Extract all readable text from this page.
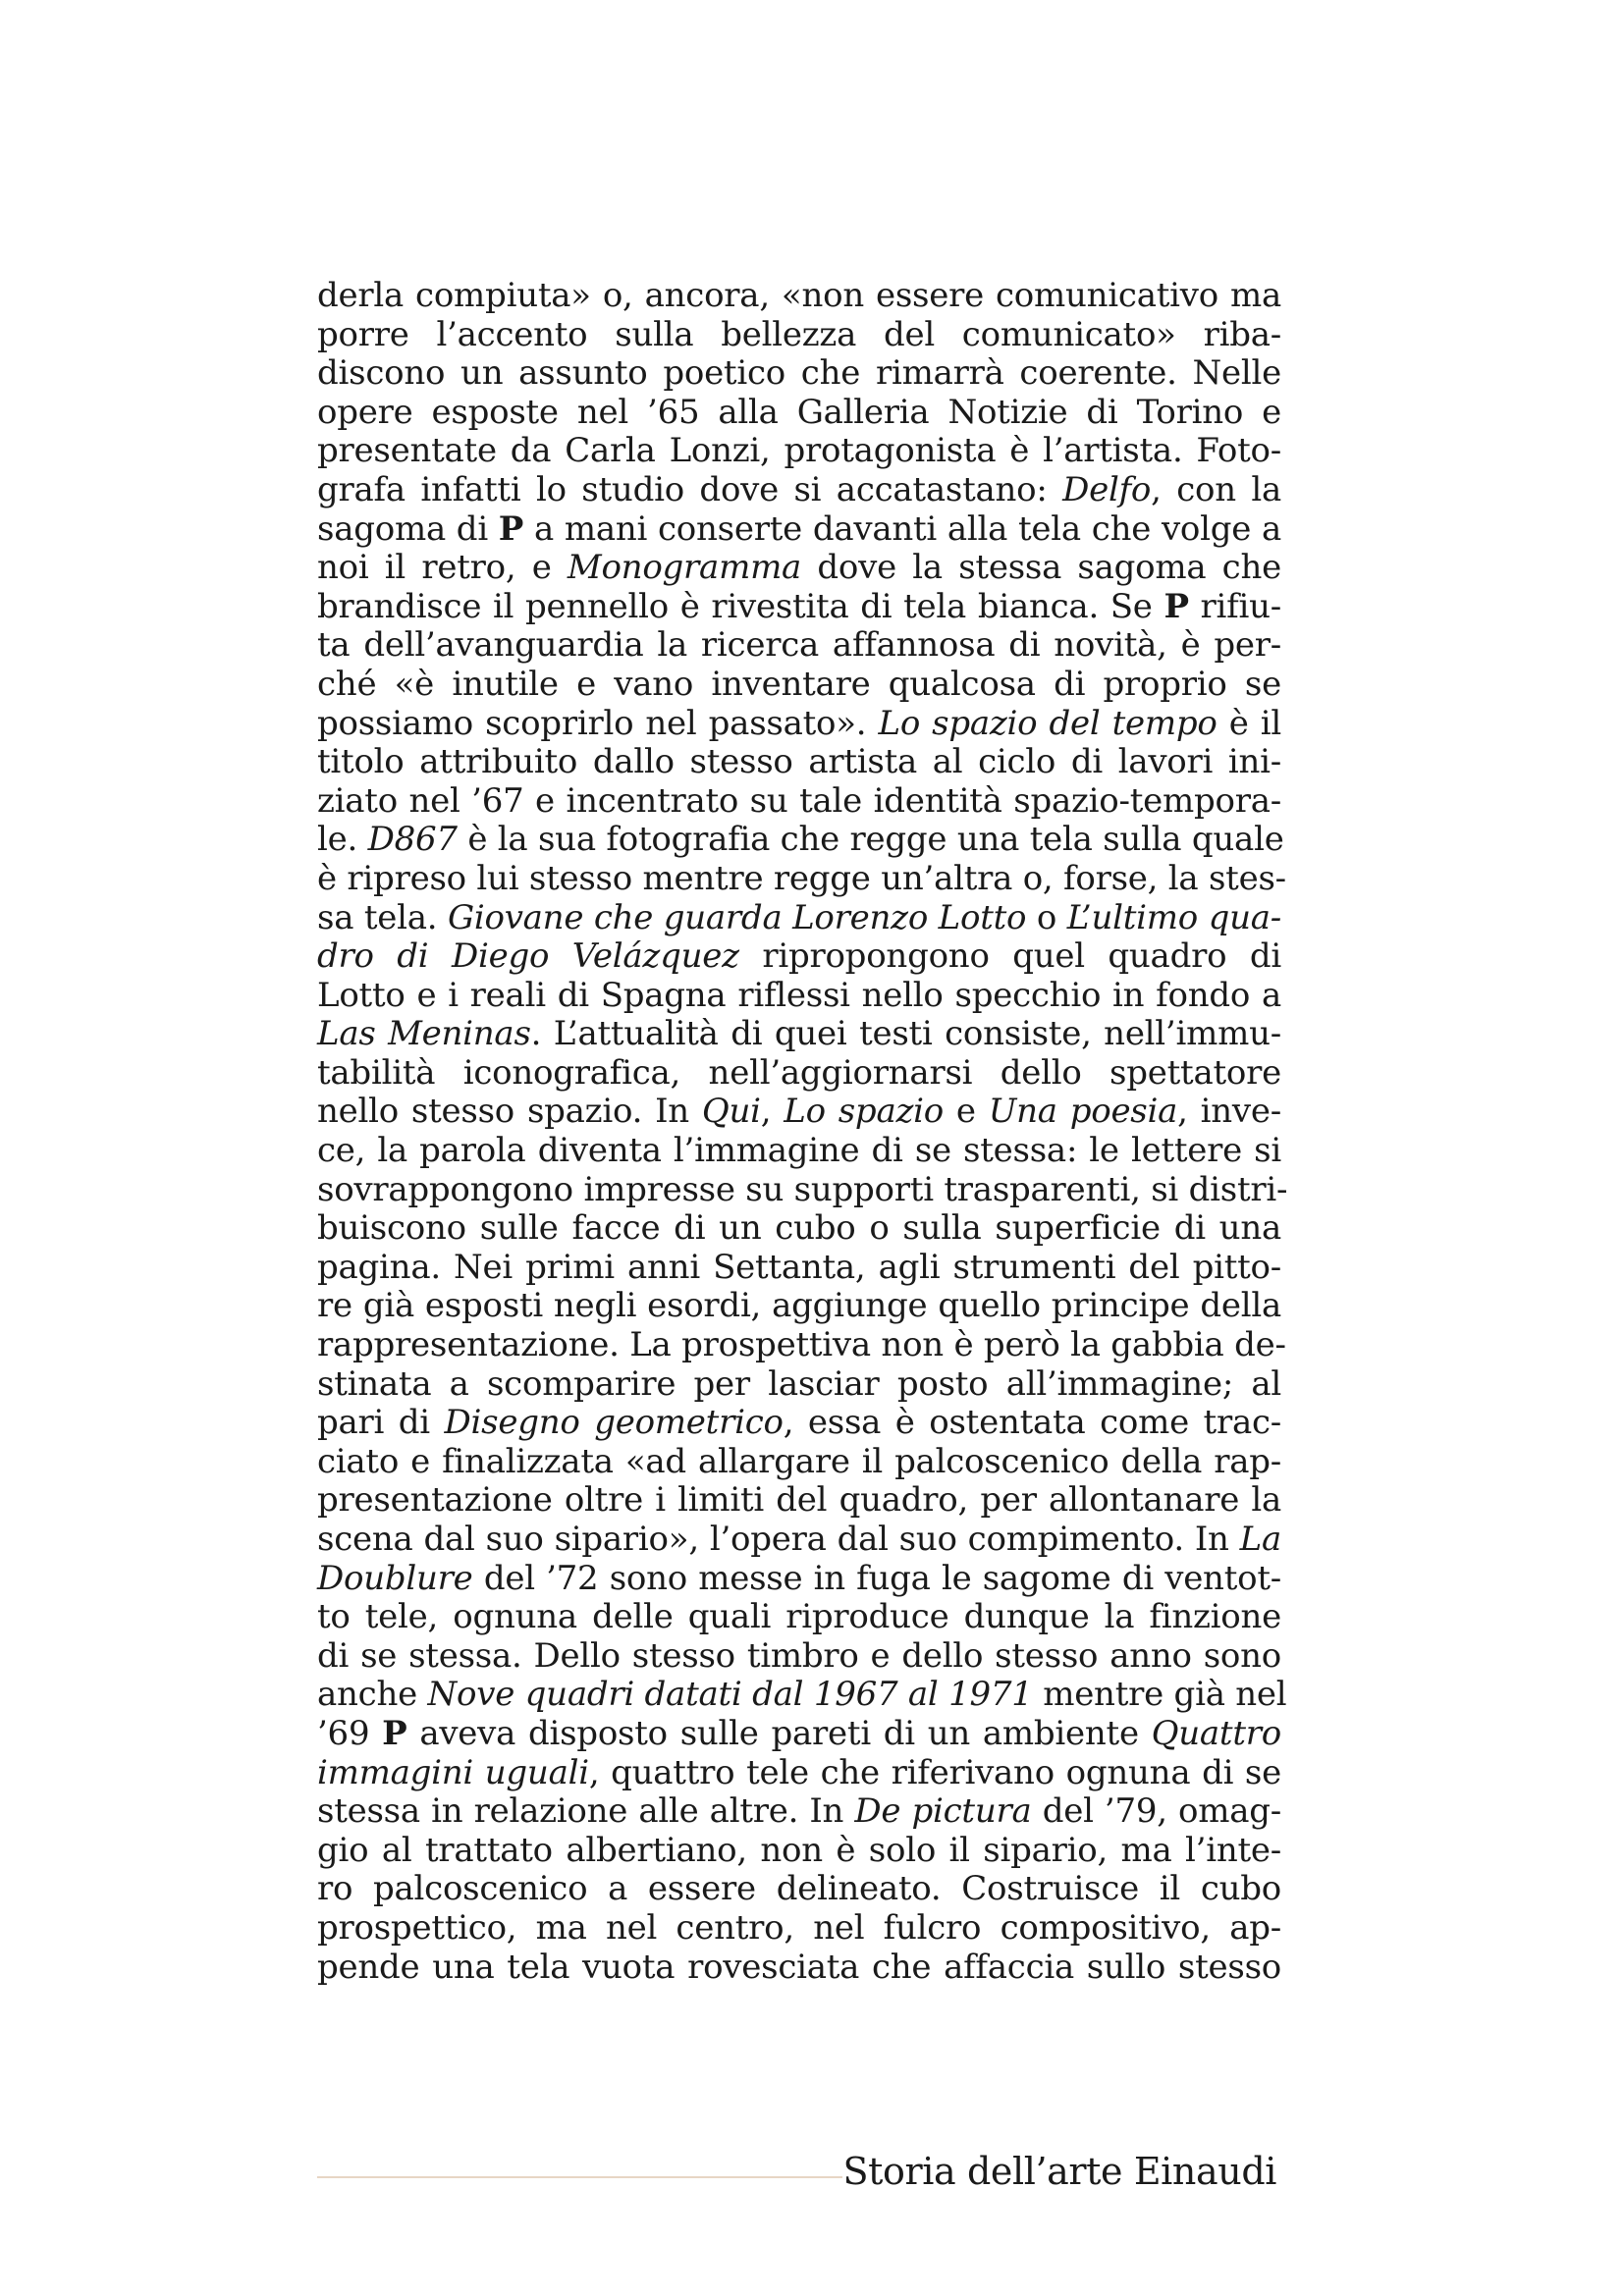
derla compiuta» o, ancora, «non essere comunicativo ma
porre l’accento sulla bellezza del comunicato» riba-
discono un assunto poetico che rimarrà coerente. Nelle
opere esposte nel ’65 alla Galleria Notizie di Torino e
presentate da Carla Lonzi, protagonista è l’artista. Foto-
grafa infatti lo studio dove si accatastano: Delfo, con la
sagoma di P a mani conserte davanti alla tela che volge a
noi il retro, e Monogramma dove la stessa sagoma che
brandisce il pennello è rivestita di tela bianca. Se P rifiu-
ta dell’avanguardia la ricerca affannosa di novità, è per-
ché «è inutile e vano inventare qualcosa di proprio se
possiamo scoprirlo nel passato». Lo spazio del tempo è il
titolo attribuito dallo stesso artista al ciclo di lavori ini-
ziato nel ’67 e incentrato su tale identità spazio-tempora-
le. D867 è la sua fotografia che regge una tela sulla quale
è ripreso lui stesso mentre regge un’altra o, forse, la stes-
sa tela. Giovane che guarda Lorenzo Lotto o L’ultimo qua-
dro di Diego Velázquez ripropongono quel quadro di
Lotto e i reali di Spagna riflessi nello specchio in fondo a
Las Meninas. L’attualità di quei testi consiste, nell’immu-
tabilità iconografica, nell’aggiornarsi dello spettatore
nello stesso spazio. In Qui, Lo spazio e Una poesia, inve-
ce, la parola diventa l’immagine di se stessa: le lettere si
sovrappongono impresse su supporti trasparenti, si distri-
buiscono sulle facce di un cubo o sulla superficie di una
pagina. Nei primi anni Settanta, agli strumenti del pitto-
re già esposti negli esordi, aggiunge quello principe della
rappresentazione. La prospettiva non è però la gabbia de-
stinata a scomparire per lasciar posto all’immagine; al
pari di Disegno geometrico, essa è ostentata come trac-
ciato e finalizzata «ad allargare il palcoscenico della rap-
presentazione oltre i limiti del quadro, per allontanare la
scena dal suo sipario», l’opera dal suo compimento. In La
Doublure del ’72 sono messe in fuga le sagome di ventot-
to tele, ognuna delle quali riproduce dunque la finzione
di se stessa. Dello stesso timbro e dello stesso anno sono
anche Nove quadri datati dal 1967 al 1971 mentre già nel
’69 P aveva disposto sulle pareti di un ambiente Quattro
immagini uguali, quattro tele che riferivano ognuna di se
stessa in relazione alle altre. In De pictura del ’79, omag-
gio al trattato albertiano, non è solo il sipario, ma l’inte-
ro palcoscenico a essere delineato. Costruisce il cubo
prospettico, ma nel centro, nel fulcro compositivo, ap-
pende una tela vuota rovesciata che affaccia sullo stesso
Storia dell’arte Einaudi
